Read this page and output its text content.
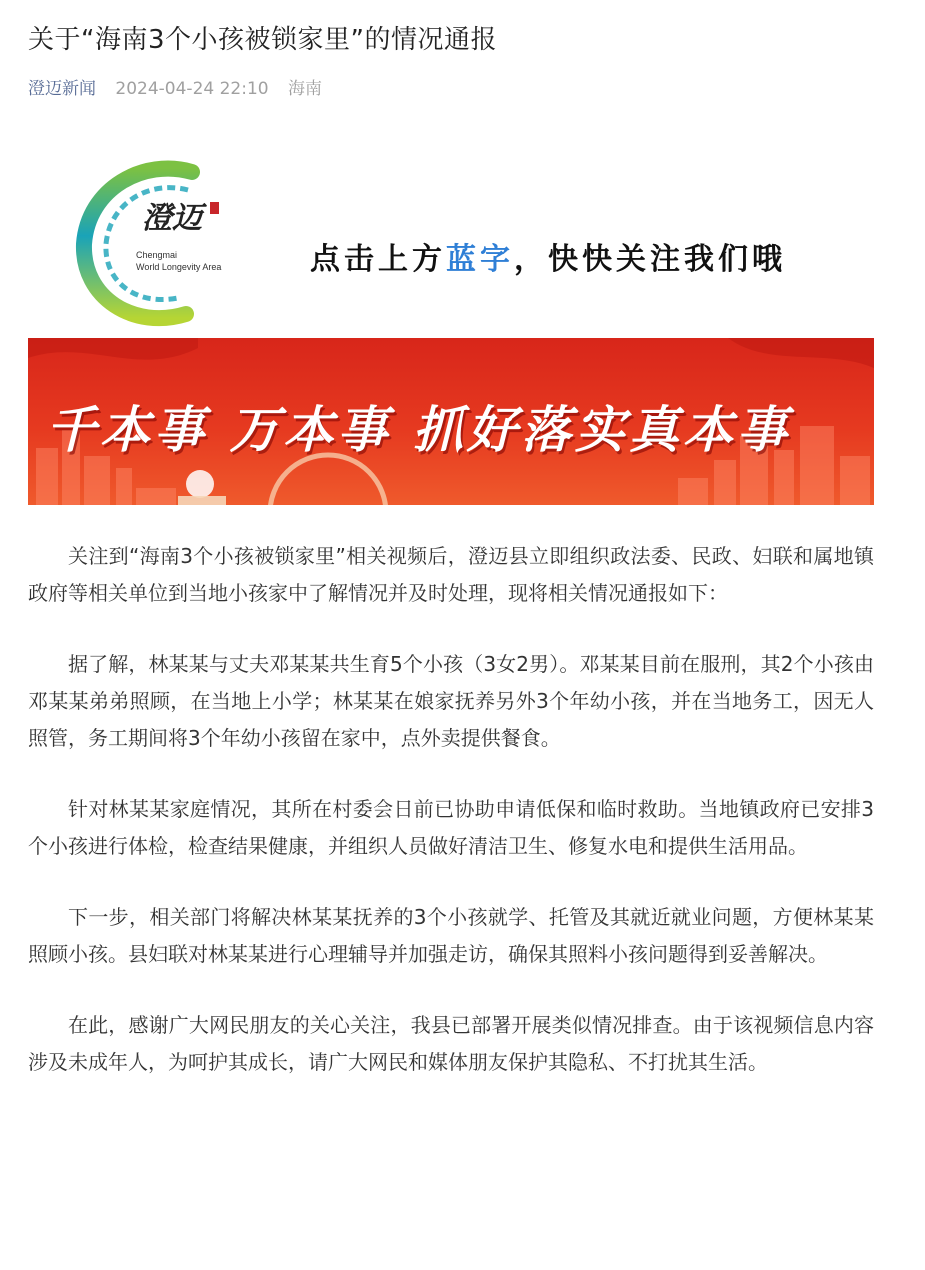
关于“海南3个小孩被锁家里”的情况通报
澄迈新闻 2024-04-24 22:10 海南
澄迈
Chengmai
World Longevity Area	点击上方蓝字，快快关注我们哦
千本事 万本事 抓好落实真本事

关注到“海南3个小孩被锁家里”相关视频后，澄迈县立即组织政法委、民政、妇联和属地镇政府等相关单位到当地小孩家中了解情况并及时处理，现将相关情况通报如下：

据了解，林某某与丈夫邓某某共生育5个小孩（3女2男）。邓某某目前在服刑，其2个小孩由邓某某弟弟照顾，在当地上小学；林某某在娘家抚养另外3个年幼小孩，并在当地务工，因无人照管，务工期间将3个年幼小孩留在家中，点外卖提供餐食。

针对林某某家庭情况，其所在村委会日前已协助申请低保和临时救助。当地镇政府已安排3个小孩进行体检，检查结果健康，并组织人员做好清洁卫生、修复水电和提供生活用品。

下一步，相关部门将解决林某某抚养的3个小孩就学、托管及其就近就业问题，方便林某某照顾小孩。县妇联对林某某进行心理辅导并加强走访，确保其照料小孩问题得到妥善解决。

在此，感谢广大网民朋友的关心关注，我县已部署开展类似情况排查。由于该视频信息内容涉及未成年人，为呵护其成长，请广大网民和媒体朋友保护其隐私、不打扰其生活。
